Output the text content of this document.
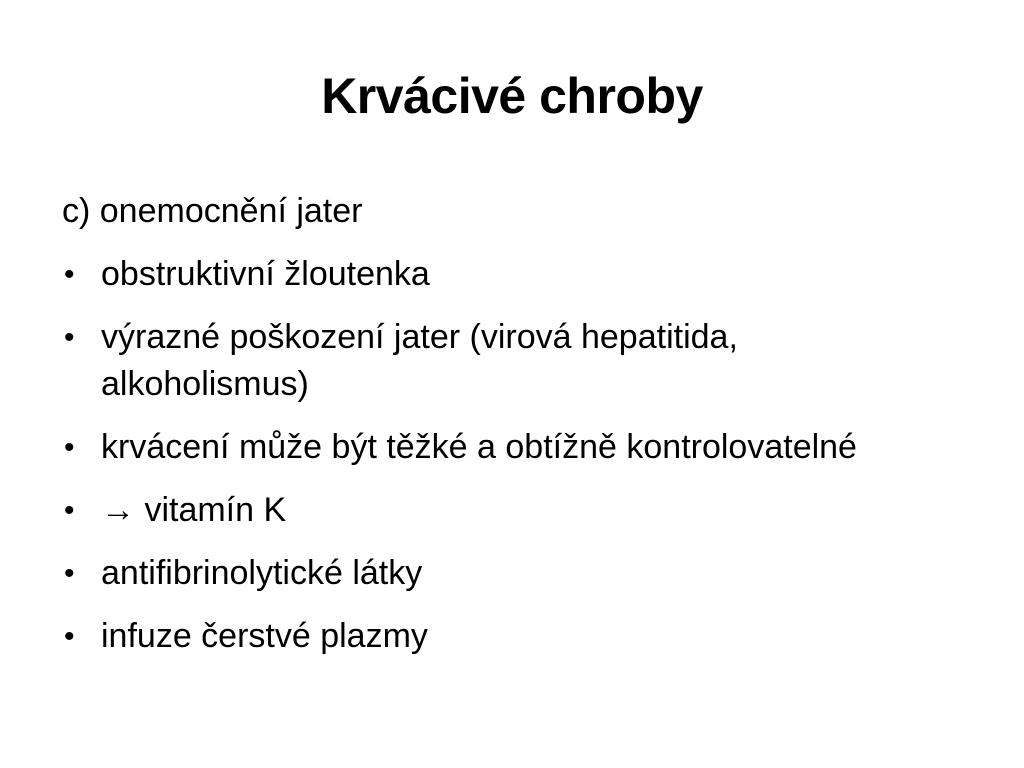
Krvácivé chroby
c) onemocnění jater
• obstruktivní žloutenka
• výrazné poškození jater (virová hepatitida, alkoholismus)
• krvácení může být těžké a obtížně kontrolovatelné
• → vitamín K
• antifibrinolytické látky
• infuze čerstvé plazmy
